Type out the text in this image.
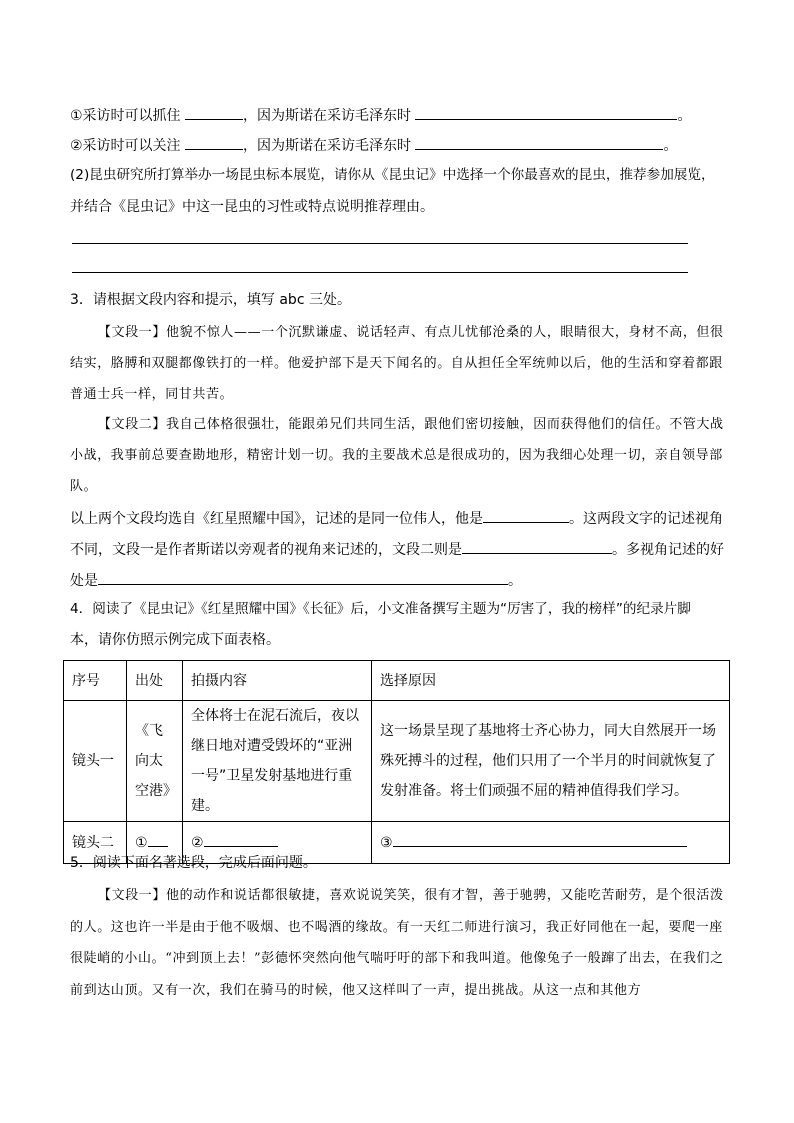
①采访时可以抓住	，因为斯诺在采访毛泽东时	。
②采访时可以关注	，因为斯诺在采访毛泽东时	。
(2)昆虫研究所打算举办一场昆虫标本展览，请你从《昆虫记》中选择一个你最喜欢的昆虫，推荐参加展览，
并结合《昆虫记》中这一昆虫的习性或特点说明推荐理由。
3．请根据文段内容和提示，填写 abc 三处。
【文段一】他貌不惊人——一个沉默谦虚、说话轻声、有点儿忧郁沧桑的人，眼睛很大，身材不高，但很结实，胳膊和双腿都像铁打的一样。他爱护部下是天下闻名的。自从担任全军统帅以后，他的生活和穿着都跟普通士兵一样，同甘共苦。
【文段二】我自己体格很强壮，能跟弟兄们共同生活，跟他们密切接触，因而获得他们的信任。不管大战小战，我事前总要查勘地形，精密计划一切。我的主要战术总是很成功的，因为我细心处理一切，亲自领导部队。
以上两个文段均选自《红星照耀中国》，记述的是同一位伟人，他是	。这两段文字的记述视角不同，文段一是作者斯诺以旁观者的视角来记述的，文段二则是	。多视角记述的好处是	。
4．阅读了《昆虫记》《红星照耀中国》《长征》后，小文准备撰写主题为“厉害了，我的榜样”的纪录片脚
本，请你仿照示例完成下面表格。
序号	出处	拍摄内容	选择原因
镜头一	《飞向太空港》	全体将士在泥石流后，夜以继日地对遭受毁坏的“亚洲一号”卫星发射基地进行重建。	这一场景呈现了基地将士齐心协力，同大自然展开一场殊死搏斗的过程，他们只用了一个半月的时间就恢复了发射准备。将士们顽强不屈的精神值得我们学习。
镜头二	①	②	③
5．阅读下面名著选段，完成后面问题。
【文段一】他的动作和说话都很敏捷，喜欢说说笑笑，很有才智，善于驰骋，又能吃苦耐劳，是个很活泼的人。这也许一半是由于他不吸烟、也不喝酒的缘故。有一天红二师进行演习，我正好同他在一起，要爬一座很陡峭的小山。“冲到顶上去！”彭德怀突然向他气喘吁吁的部下和我叫道。他像兔子一般蹿了出去，在我们之前到达山顶。又有一次，我们在骑马的时候，他又这样叫了一声，提出挑战。从这一点和其他方
